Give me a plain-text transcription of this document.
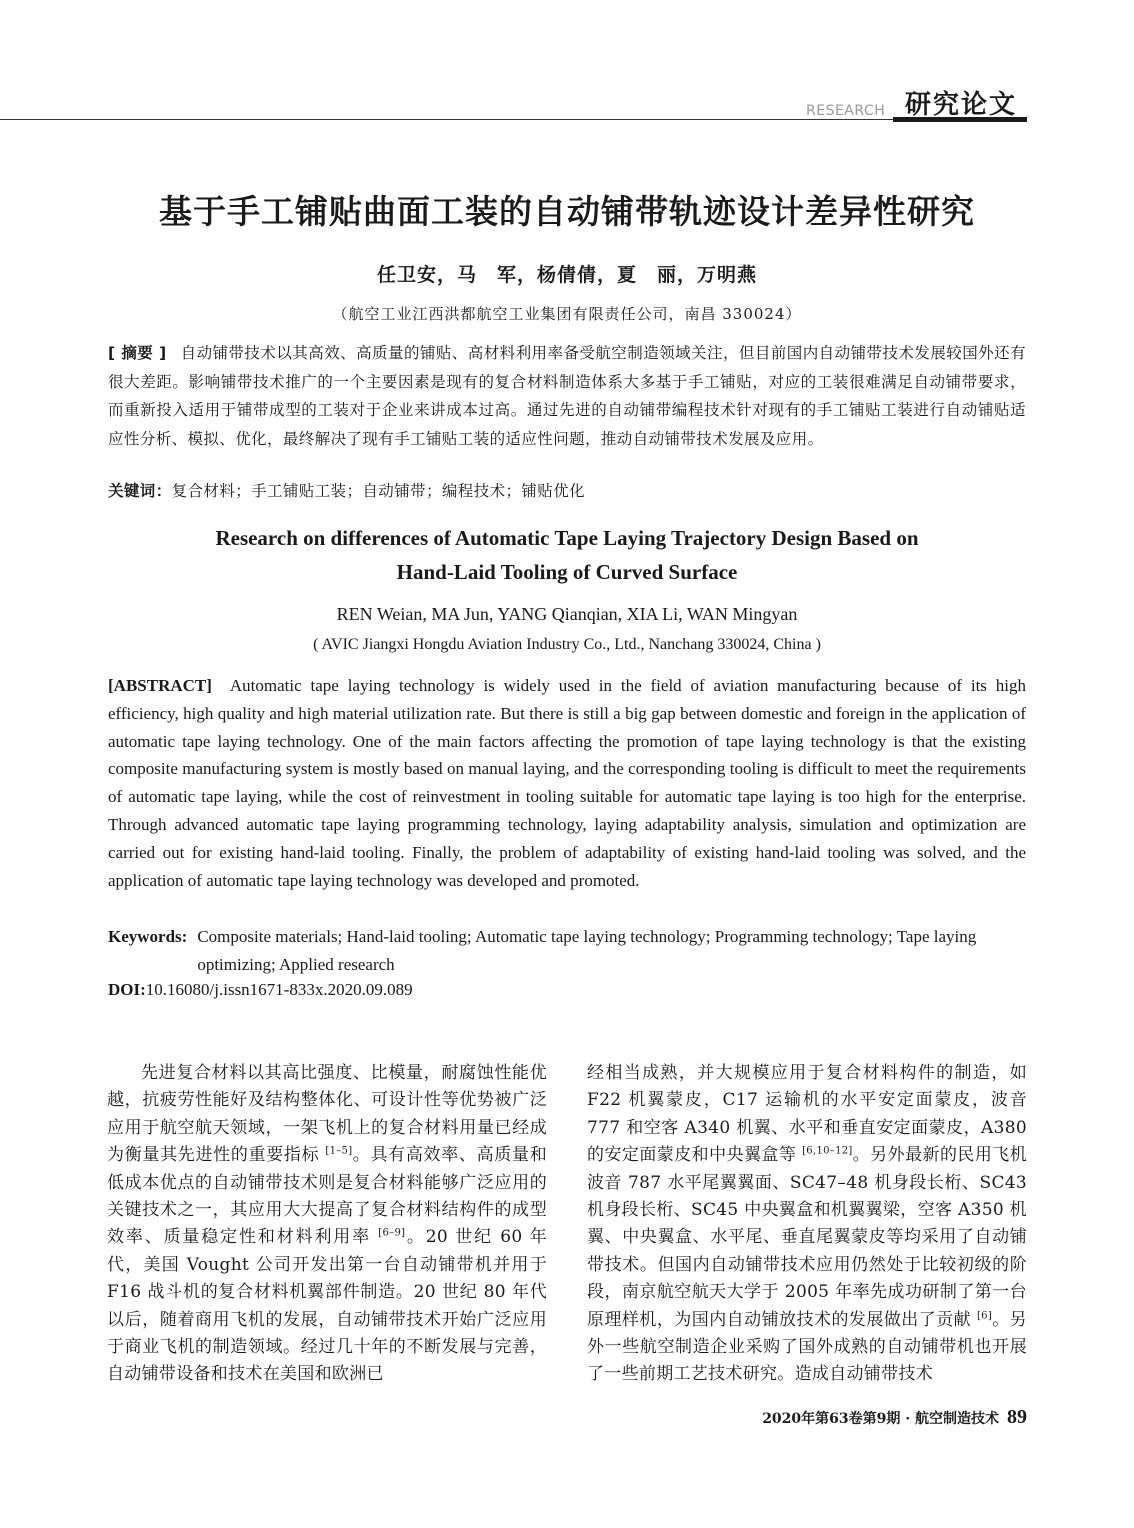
RESEARCH 研究论文
基于手工铺贴曲面工装的自动铺带轨迹设计差异性研究
任卫安，马　军，杨倩倩，夏　丽，万明燕
（航空工业江西洪都航空工业集团有限责任公司，南昌 330024）
[ 摘要 ] 自动铺带技术以其高效、高质量的铺贴、高材料利用率备受航空制造领域关注，但目前国内自动铺带技术发展较国外还有很大差距。影响铺带技术推广的一个主要因素是现有的复合材料制造体系大多基于手工铺贴，对应的工装很难满足自动铺带要求，而重新投入适用于铺带成型的工装对于企业来讲成本过高。通过先进的自动铺带编程技术针对现有的手工铺贴工装进行自动铺贴适应性分析、模拟、优化，最终解决了现有手工铺贴工装的适应性问题，推动自动铺带技术发展及应用。
关键词：复合材料；手工铺贴工装；自动铺带；编程技术；铺贴优化
Research on differences of Automatic Tape Laying Trajectory Design Based on
Hand-Laid Tooling of Curved Surface
REN Weian, MA Jun, YANG Qianqian, XIA Li, WAN Mingyan
( AVIC Jiangxi Hongdu Aviation Industry Co., Ltd., Nanchang 330024, China )
[ABSTRACT] Automatic tape laying technology is widely used in the field of aviation manufacturing because of its high efficiency, high quality and high material utilization rate. But there is still a big gap between domestic and foreign in the application of automatic tape laying technology. One of the main factors affecting the promotion of tape laying technology is that the existing composite manufacturing system is mostly based on manual laying, and the corresponding tooling is difficult to meet the requirements of automatic tape laying, while the cost of reinvestment in tooling suitable for automatic tape laying is too high for the enterprise. Through advanced automatic tape laying programming technology, laying adaptability analysis, simulation and optimization are carried out for existing hand-laid tooling. Finally, the problem of adaptability of existing hand-laid tooling was solved, and the application of automatic tape laying technology was developed and promoted.
Keywords: Composite materials; Hand-laid tooling; Automatic tape laying technology; Programming technology; Tape laying optimizing; Applied research
DOI:10.16080/j.issn1671-833x.2020.09.089
先进复合材料以其高比强度、比模量，耐腐蚀性能优越，抗疲劳性能好及结构整体化、可设计性等优势被广泛应用于航空航天领域，一架飞机上的复合材料用量已经成为衡量其先进性的重要指标 [1–5]。具有高效率、高质量和低成本优点的自动铺带技术则是复合材料能够广泛应用的关键技术之一，其应用大大提高了复合材料结构件的成型效率、质量稳定性和材料利用率 [6–9]。20 世纪 60 年代，美国 Vought 公司开发出第一台自动铺带机并用于 F16 战斗机的复合材料机翼部件制造。20 世纪 80 年代以后，随着商用飞机的发展，自动铺带技术开始广泛应用于商业飞机的制造领域。经过几十年的不断发展与完善，自动铺带设备和技术在美国和欧洲已
经相当成熟，并大规模应用于复合材料构件的制造，如 F22 机翼蒙皮，C17 运输机的水平安定面蒙皮，波音 777 和空客 A340 机翼、水平和垂直安定面蒙皮，A380 的安定面蒙皮和中央翼盒等 [6,10–12]。另外最新的民用飞机波音 787 水平尾翼翼面、SC47–48 机身段长桁、SC43 机身段长桁、SC45 中央翼盒和机翼翼梁，空客 A350 机翼、中央翼盒、水平尾、垂直尾翼蒙皮等均采用了自动铺带技术。但国内自动铺带技术应用仍然处于比较初级的阶段，南京航空航天大学于 2005 年率先成功研制了第一台原理样机，为国内自动铺放技术的发展做出了贡献 [6]。另外一些航空制造企业采购了国外成熟的自动铺带机也开展了一些前期工艺技术研究。造成自动铺带技术
2020年第63卷第9期 · 航空制造技术 89
